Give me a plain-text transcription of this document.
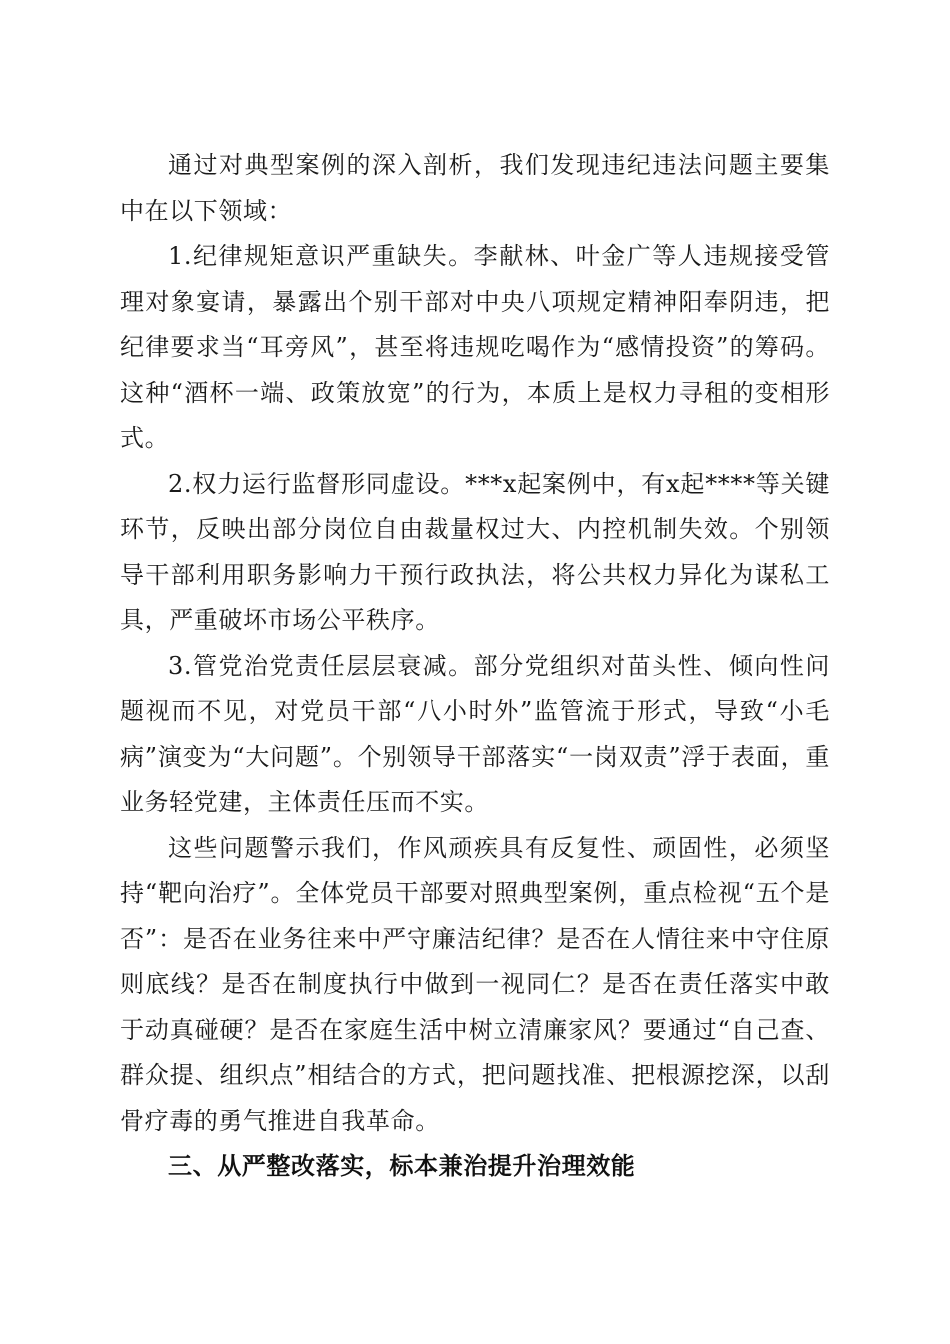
通过对典型案例的深入剖析，我们发现违纪违法问题主要集中在以下领域：

1.纪律规矩意识严重缺失。李献林、叶金广等人违规接受管理对象宴请，暴露出个别干部对中央八项规定精神阳奉阴违，把纪律要求当“耳旁风”，甚至将违规吃喝作为“感情投资”的筹码。这种“酒杯一端、政策放宽”的行为，本质上是权力寻租的变相形式。

2.权力运行监督形同虚设。***x起案例中，有x起****等关键环节，反映出部分岗位自由裁量权过大、内控机制失效。个别领导干部利用职务影响力干预行政执法，将公共权力异化为谋私工具，严重破坏市场公平秩序。

3.管党治党责任层层衰减。部分党组织对苗头性、倾向性问题视而不见，对党员干部“八小时外”监管流于形式，导致“小毛病”演变为“大问题”。个别领导干部落实“一岗双责”浮于表面，重业务轻党建，主体责任压而不实。

这些问题警示我们，作风顽疾具有反复性、顽固性，必须坚持“靶向治疗”。全体党员干部要对照典型案例，重点检视“五个是否”：是否在业务往来中严守廉洁纪律？是否在人情往来中守住原则底线？是否在制度执行中做到一视同仁？是否在责任落实中敢于动真碰硬？是否在家庭生活中树立清廉家风？要通过“自己查、群众提、组织点”相结合的方式，把问题找准、把根源挖深，以刮骨疗毒的勇气推进自我革命。

三、从严整改落实，标本兼治提升治理效能
